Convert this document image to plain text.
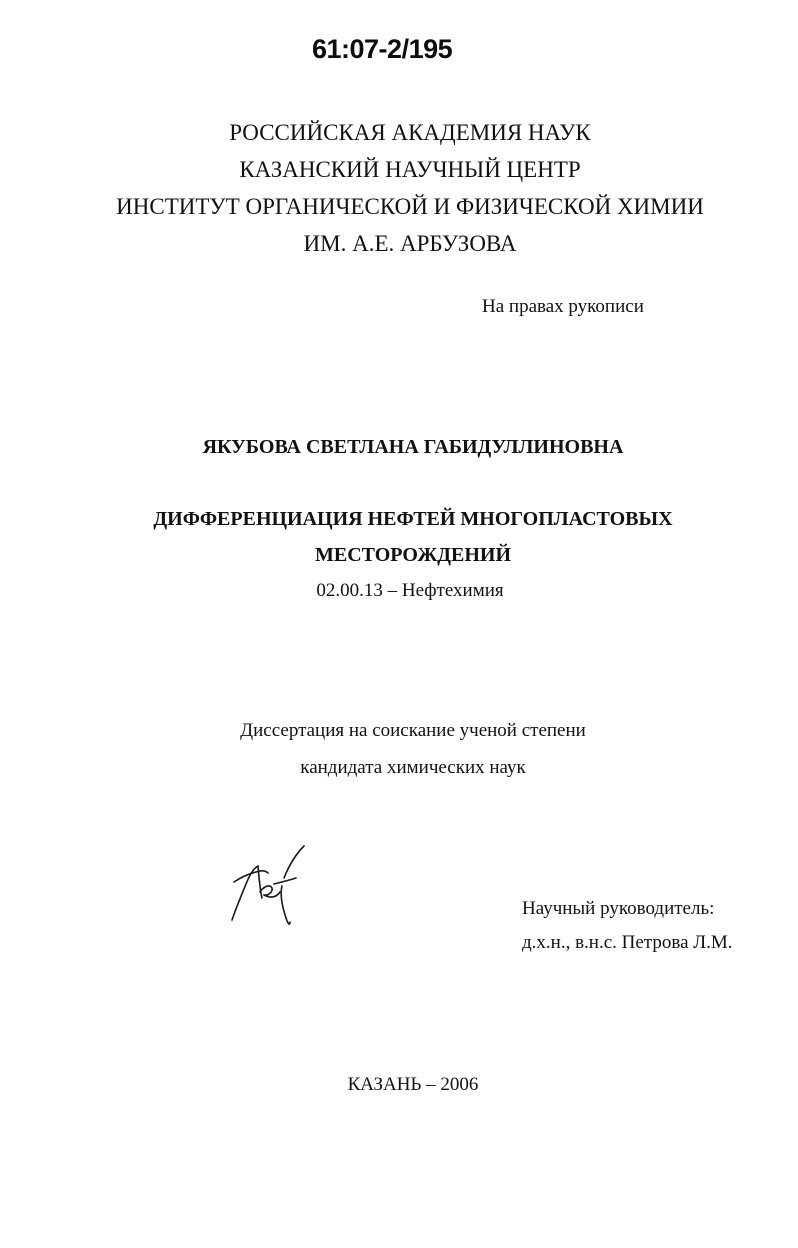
61:07-2/195
РОССИЙСКАЯ АКАДЕМИЯ НАУК
КАЗАНСКИЙ НАУЧНЫЙ ЦЕНТР
ИНСТИТУТ ОРГАНИЧЕСКОЙ И ФИЗИЧЕСКОЙ ХИМИИ
ИМ. А.Е. АРБУЗОВА
На правах рукописи
ЯКУБОВА СВЕТЛАНА ГАБИДУЛЛИНОВНА
ДИФФЕРЕНЦИАЦИЯ НЕФТЕЙ МНОГОПЛАСТОВЫХ
МЕСТОРОЖДЕНИЙ
02.00.13 – Нефтехимия
Диссертация на соискание ученой степени
кандидата химических наук
Научный руководитель:
д.х.н., в.н.с. Петрова Л.М.
КАЗАНЬ – 2006
